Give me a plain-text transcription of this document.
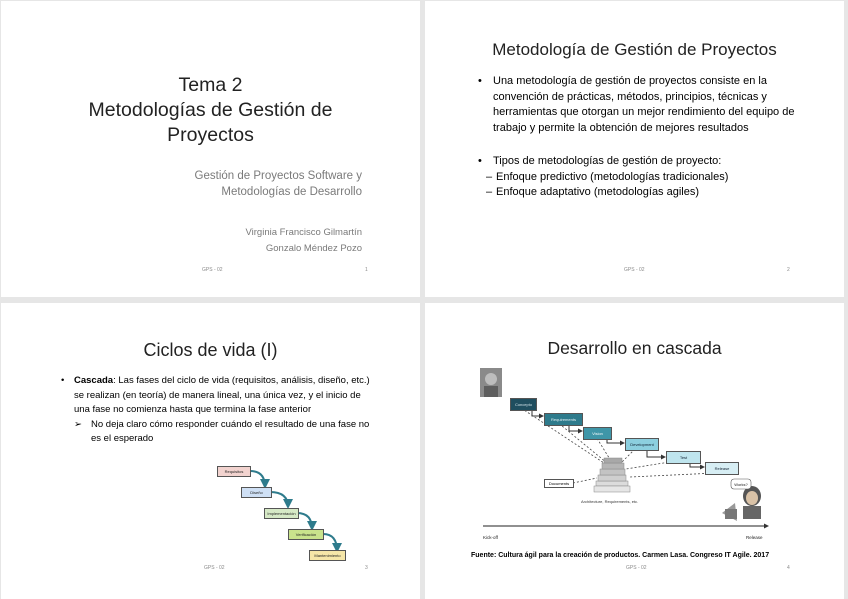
Tema 2
Metodologías de Gestión de
Proyectos
Gestión de Proyectos Software y
Metodologías de Desarrollo
Virginia Francisco Gilmartín
Gonzalo Méndez Pozo
GPS - 02	1
Metodología de Gestión de Proyectos
• Una metodología de gestión de proyectos consiste en la convención de prácticas, métodos, principios, técnicas y herramientas que otorgan un mejor rendimiento del equipo de trabajo y permite la obtención de mejores resultados
• Tipos de metodologías de gestión de proyecto:
– Enfoque predictivo (metodologías tradicionales)
– Enfoque adaptativo (metodologías agiles)
GPS - 02	2
Ciclos de vida (I)
• Cascada: Las fases del ciclo de vida (requisitos, análisis, diseño, etc.) se realizan (en teoría) de manera lineal, una única vez, y el inicio de una fase no comienza hasta que termina la fase anterior
➢ No deja claro cómo responder cuándo el resultado de una fase no es el esperado
Requisitos
Diseño
Implementación
Verificación
Mantenimiento
GPS - 02	3
Desarrollo en cascada
Concepto
Requirements
Vision
Development
Test
Release
Documents
Architecture, Requirements, etc.
Works?
Kick-off	Release
Fuente: Cultura ágil para la creación de productos. Carmen Lasa. Congreso IT Agile. 2017
GPS - 02	4
